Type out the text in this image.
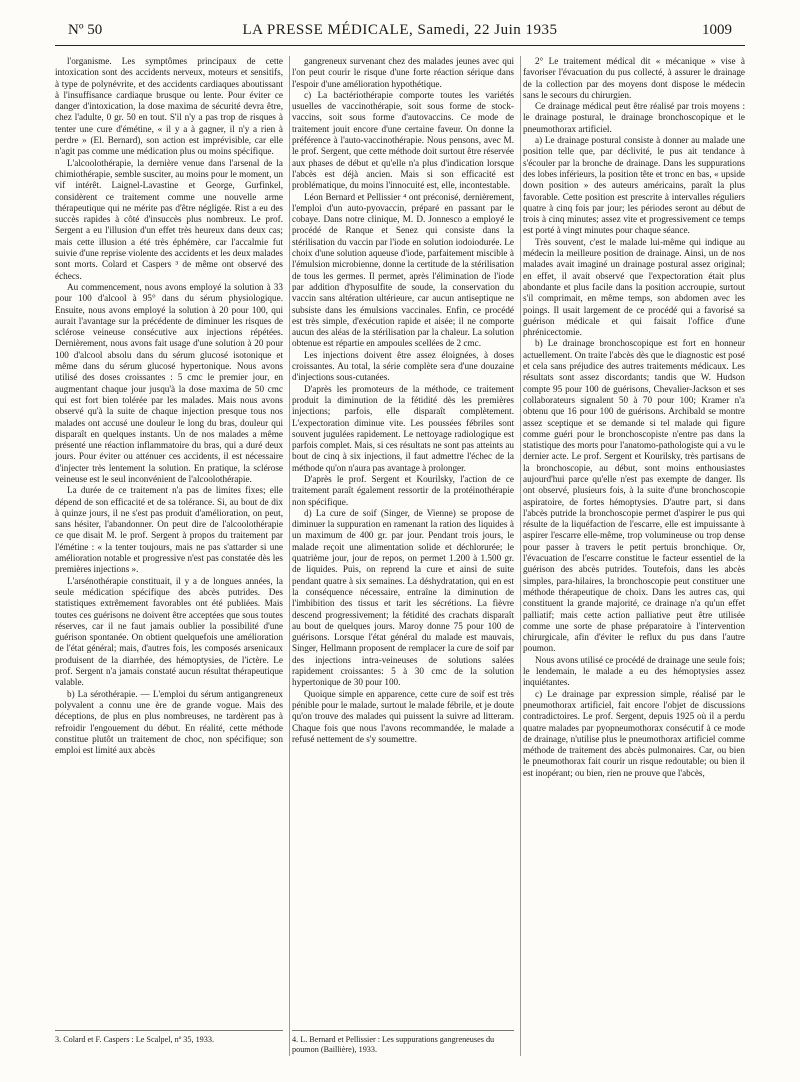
Nº 50	LA PRESSE MÉDICALE, Samedi, 22 Juin 1935	1009

l'organisme. Les symptômes principaux de cette intoxication sont des accidents nerveux, moteurs et sensitifs, à type de polynévrite, et des accidents cardiaques aboutissant à l'insuffisance cardiaque brusque ou lente. Pour éviter ce danger d'intoxication, la dose maxima de sécurité devra être, chez l'adulte, 0 gr. 50 en tout. S'il n'y a pas trop de risques à tenter une cure d'émétine, « il y a à gagner, il n'y a rien à perdre » (El. Bernard), son action est imprévisible, car elle n'agit pas comme une médication plus ou moins spécifique.

L'alcoolothérapie, la dernière venue dans l'arsenal de la chimiothérapie, semble susciter, au moins pour le moment, un vif intérêt. Laignel-Lavastine et George, Gurfinkel, considèrent ce traitement comme une nouvelle arme thérapeutique qui ne mérite pas d'être négligée. Rist a eu des succès rapides à côté d'insuccès plus nombreux. Le prof. Sergent a eu l'illusion d'un effet très heureux dans deux cas; mais cette illusion a été très éphémère, car l'accalmie fut suivie d'une reprise violente des accidents et les deux malades sont morts. Colard et Caspers ³ de même ont observé des échecs.

Au commencement, nous avons employé la solution à 33 pour 100 d'alcool à 95° dans du sérum physiologique. Ensuite, nous avons employé la solution à 20 pour 100, qui aurait l'avantage sur la précédente de diminuer les risques de sclérose veineuse consécutive aux injections répétées. Dernièrement, nous avons fait usage d'une solution à 20 pour 100 d'alcool absolu dans du sérum glucosé isotonique et même dans du sérum glucosé hypertonique. Nous avons utilisé des doses croissantes : 5 cmc le premier jour, en augmentant chaque jour jusqu'à la dose maxima de 50 cmc qui est fort bien tolérée par les malades. Mais nous avons observé qu'à la suite de chaque injection presque tous nos malades ont accusé une douleur le long du bras, douleur qui disparaît en quelques instants. Un de nos malades a même présenté une réaction inflammatoire du bras, qui a duré deux jours. Pour éviter ou atténuer ces accidents, il est nécessaire d'injecter très lentement la solution. En pratique, la sclérose veineuse est le seul inconvénient de l'alcoolothérapie.

La durée de ce traitement n'a pas de limites fixes; elle dépend de son efficacité et de sa tolérance. Si, au bout de dix à quinze jours, il ne s'est pas produit d'amélioration, on peut, sans hésiter, l'abandonner. On peut dire de l'alcoolothérapie ce que disait M. le prof. Sergent à propos du traitement par l'émétine : « la tenter toujours, mais ne pas s'attarder si une amélioration notable et progressive n'est pas constatée dès les premières injections ».

L'arsénothérapie constituait, il y a de longues années, la seule médication spécifique des abcès putrides. Des statistiques extrêmement favorables ont été publiées. Mais toutes ces guérisons ne doivent être acceptées que sous toutes réserves, car il ne faut jamais oublier la possibilité d'une guérison spontanée. On obtient quelquefois une amélioration de l'état général; mais, d'autres fois, les composés arsenicaux produisent de la diarrhée, des hémoptysies, de l'ictère. Le prof. Sergent n'a jamais constaté aucun résultat thérapeutique valable.

b) La sérothérapie. — L'emploi du sérum antigangreneux polyvalent a connu une ère de grande vogue. Mais des déceptions, de plus en plus nombreuses, ne tardèrent pas à refroidir l'engouement du début. En réalité, cette méthode constitue plutôt un traitement de choc, non spécifique; son emploi est limité aux abcès

gangreneux survenant chez des malades jeunes avec qui l'on peut courir le risque d'une forte réaction sérique dans l'espoir d'une amélioration hypothétique.

c) La bactériothérapie comporte toutes les variétés usuelles de vaccinothérapie, soit sous forme de stock-vaccins, soit sous forme d'autovaccins. Ce mode de traitement jouit encore d'une certaine faveur. On donne la préférence à l'auto-vaccinothérapie. Nous pensons, avec M. le prof. Sergent, que cette méthode doit surtout être réservée aux phases de début et qu'elle n'a plus d'indication lorsque l'abcès est déjà ancien. Mais si son efficacité est problématique, du moins l'innocuité est, elle, incontestable.

Léon Bernard et Pellissier ⁴ ont préconisé, dernièrement, l'emploi d'un auto-pyovaccin, préparé en passant par le cobaye. Dans notre clinique, M. D. Jonnesco a employé le procédé de Ranque et Senez qui consiste dans la stérilisation du vaccin par l'iode en solution iodoiodurée. Le choix d'une solution aqueuse d'iode, parfaitement miscible à l'émulsion microbienne, donne la certitude de la stérilisation de tous les germes. Il permet, après l'élimination de l'iode par addition d'hyposulfite de soude, la conservation du vaccin sans altération ultérieure, car aucun antiseptique ne subsiste dans les émulsions vaccinales. Enfin, ce procédé est très simple, d'exécution rapide et aisée; il ne comporte aucun des aléas de la stérilisation par la chaleur. La solution obtenue est répartie en ampoules scellées de 2 cmc.

Les injections doivent être assez éloignées, à doses croissantes. Au total, la série complète sera d'une douzaine d'injections sous-cutanées.

D'après les promoteurs de la méthode, ce traitement produit la diminution de la fétidité dès les premières injections; parfois, elle disparaît complètement. L'expectoration diminue vite. Les poussées fébriles sont souvent jugulées rapidement. Le nettoyage radiologique est parfois complet. Mais, si ces résultats ne sont pas atteints au bout de cinq à six injections, il faut admettre l'échec de la méthode qu'on n'aura pas avantage à prolonger.

D'après le prof. Sergent et Kourilsky, l'action de ce traitement paraît également ressortir de la protéinothérapie non spécifique.

d) La cure de soif (Singer, de Vienne) se propose de diminuer la suppuration en ramenant la ration des liquides à un maximum de 400 gr. par jour. Pendant trois jours, le malade reçoit une alimentation solide et déchlorurée; le quatrième jour, jour de repos, on permet 1.200 à 1.500 gr. de liquides. Puis, on reprend la cure et ainsi de suite pendant quatre à six semaines. La déshydratation, qui en est la conséquence nécessaire, entraîne la diminution de l'imbibition des tissus et tarit les sécrétions. La fièvre descend progressivement; la fétidité des crachats disparaît au bout de quelques jours. Maroy donne 75 pour 100 de guérisons. Lorsque l'état général du malade est mauvais, Singer, Hellmann proposent de remplacer la cure de soif par des injections intra-veineuses de solutions salées rapidement croissantes: 5 à 30 cmc de la solution hypertonique de 30 pour 100.

Quoique simple en apparence, cette cure de soif est très pénible pour le malade, surtout le malade fébrile, et je doute qu'on trouve des malades qui puissent la suivre ad litteram. Chaque fois que nous l'avons recommandée, le malade a refusé nettement de s'y soumettre.

2° Le traitement médical dit « mécanique » vise à favoriser l'évacuation du pus collecté, à assurer le drainage de la collection par des moyens dont dispose le médecin sans le secours du chirurgien.

Ce drainage médical peut être réalisé par trois moyens : le drainage postural, le drainage bronchoscopique et le pneumothorax artificiel.

a) Le drainage postural consiste à donner au malade une position telle que, par déclivité, le pus ait tendance à s'écouler par la bronche de drainage. Dans les suppurations des lobes inférieurs, la position tête et tronc en bas, « upside down position » des auteurs américains, paraît la plus favorable. Cette position est prescrite à intervalles réguliers quatre à cinq fois par jour; les périodes seront au début de trois à cinq minutes; assez vite et progressivement ce temps est porté à vingt minutes pour chaque séance.

Très souvent, c'est le malade lui-même qui indique au médecin la meilleure position de drainage. Ainsi, un de nos malades avait imaginé un drainage postural assez original; en effet, il avait observé que l'expectoration était plus abondante et plus facile dans la position accroupie, surtout s'il comprimait, en même temps, son abdomen avec les poings. Il usait largement de ce procédé qui a favorisé sa guérison médicale et qui faisait l'office d'une phrénicectomie.

b) Le drainage bronchoscopique est fort en honneur actuellement. On traite l'abcès dès que le diagnostic est posé et cela sans préjudice des autres traitements médicaux. Les résultats sont assez discordants; tandis que W. Hudson compte 95 pour 100 de guérisons, Chevalier-Jackson et ses collaborateurs signalent 50 à 70 pour 100; Kramer n'a obtenu que 16 pour 100 de guérisons. Archibald se montre assez sceptique et se demande si tel malade qui figure comme guéri pour le bronchoscopiste n'entre pas dans la statistique des morts pour l'anatomo-pathologiste qui a vu le dernier acte. Le prof. Sergent et Kourilsky, très partisans de la bronchoscopie, au début, sont moins enthousiastes aujourd'hui parce qu'elle n'est pas exempte de danger. Ils ont observé, plusieurs fois, à la suite d'une bronchoscopie aspiratoire, de fortes hémoptysies. D'autre part, si dans l'abcès putride la bronchoscopie permet d'aspirer le pus qui résulte de la liquéfaction de l'escarre, elle est impuissante à aspirer l'escarre elle-même, trop volumineuse ou trop dense pour passer à travers le petit pertuis bronchique. Or, l'évacuation de l'escarre constitue le facteur essentiel de la guérison des abcès putrides. Toutefois, dans les abcès simples, para-hilaires, la bronchoscopie peut constituer une méthode thérapeutique de choix. Dans les autres cas, qui constituent la grande majorité, ce drainage n'a qu'un effet palliatif; mais cette action palliative peut être utilisée comme une sorte de phase préparatoire à l'intervention chirurgicale, afin d'éviter le reflux du pus dans l'autre poumon.

Nous avons utilisé ce procédé de drainage une seule fois; le lendemain, le malade a eu des hémoptysies assez inquiétantes.

c) Le drainage par expression simple, réalisé par le pneumothorax artificiel, fait encore l'objet de discussions contradictoires. Le prof. Sergent, depuis 1925 où il a perdu quatre malades par pyopneumothorax consécutif à ce mode de drainage, n'utilise plus le pneumothorax artificiel comme méthode de traitement des abcès pulmonaires. Car, ou bien le pneumothorax fait courir un risque redoutable; ou bien il est inopérant; ou bien, rien ne prouve que l'abcès,

3. Colard et F. Caspers : Le Scalpel, nº 35, 1933.	4. L. Bernard et Pellissier : Les suppurations gangreneuses du poumon (Baillière), 1933.
